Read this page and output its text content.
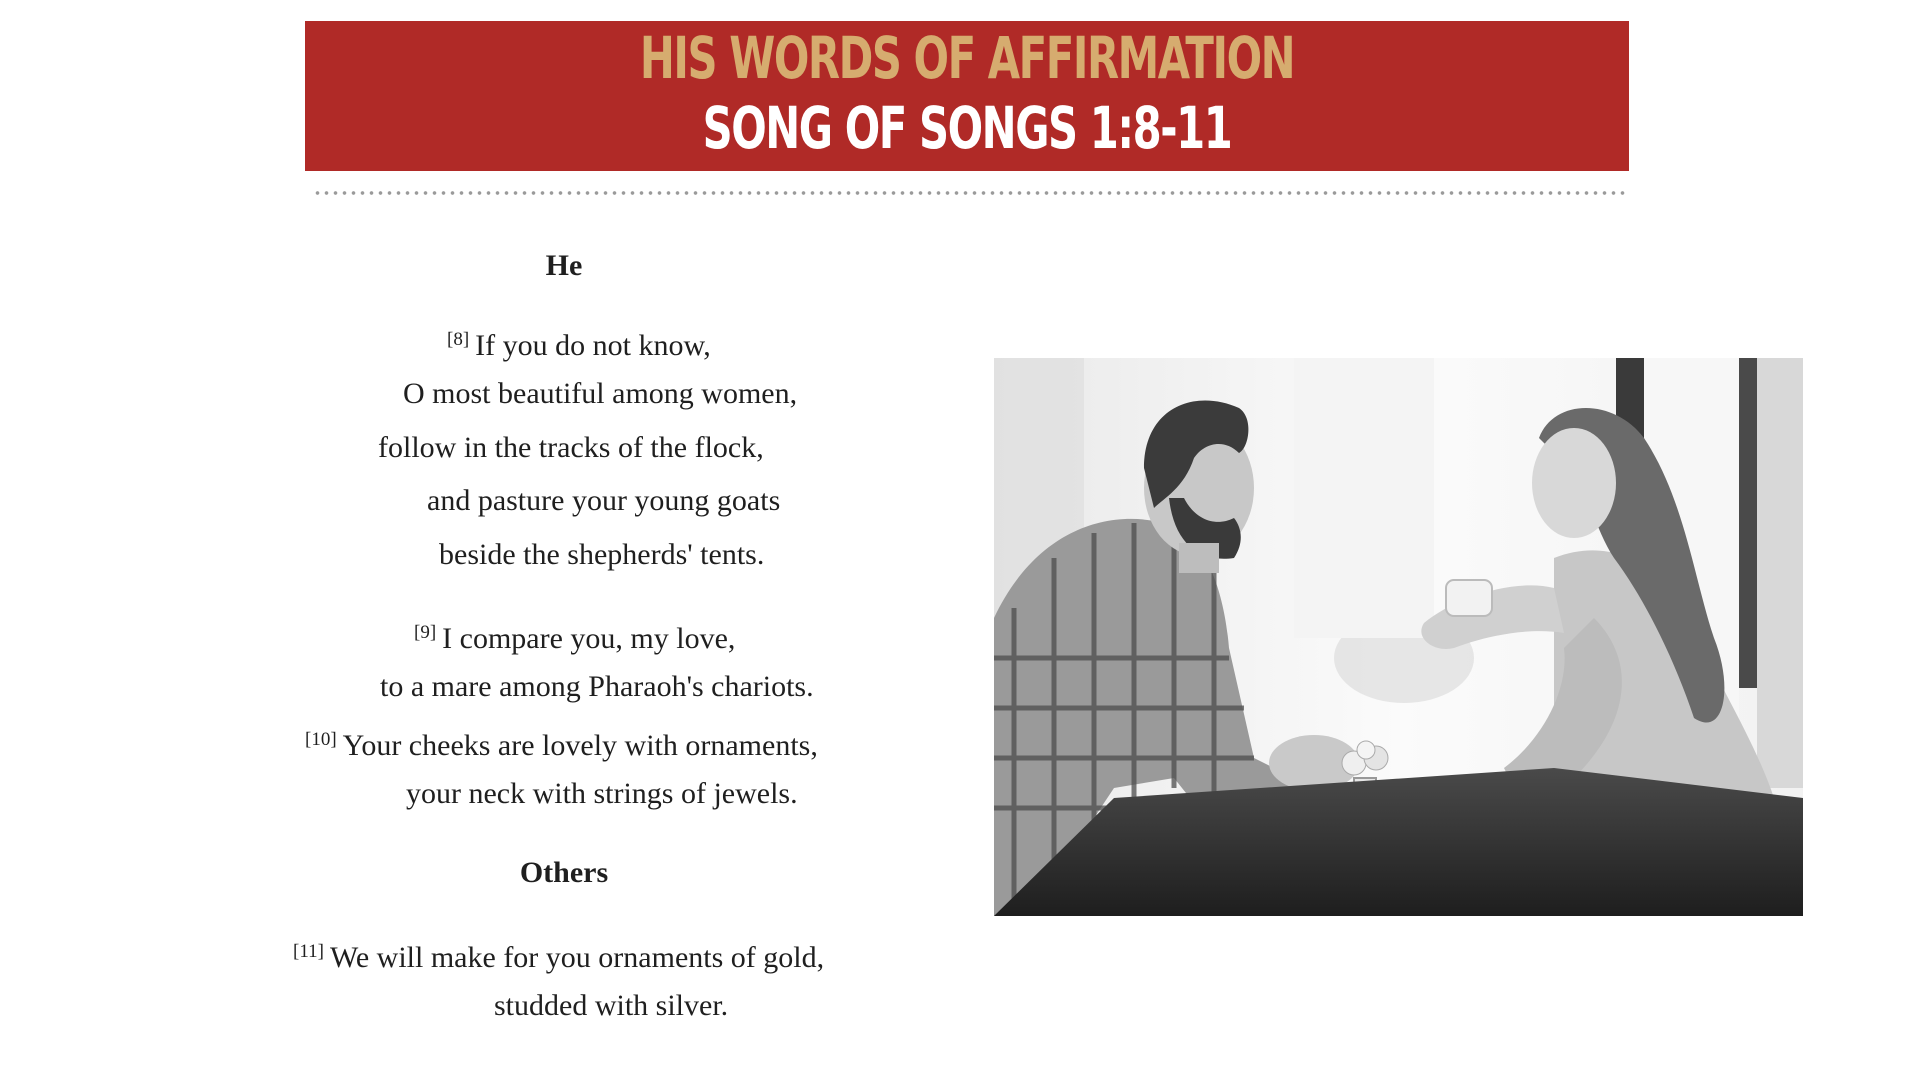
HIS WORDS OF AFFIRMATION
SONG OF SONGS 1:8-11
He
[8] If you do not know,
O most beautiful among women,
follow in the tracks of the flock,
and pasture your young goats
beside the shepherds' tents.
[9] I compare you, my love,
to a mare among Pharaoh's chariots.
[10] Your cheeks are lovely with ornaments,
your neck with strings of jewels.
Others
[11] We will make for you ornaments of gold,
studded with silver.
